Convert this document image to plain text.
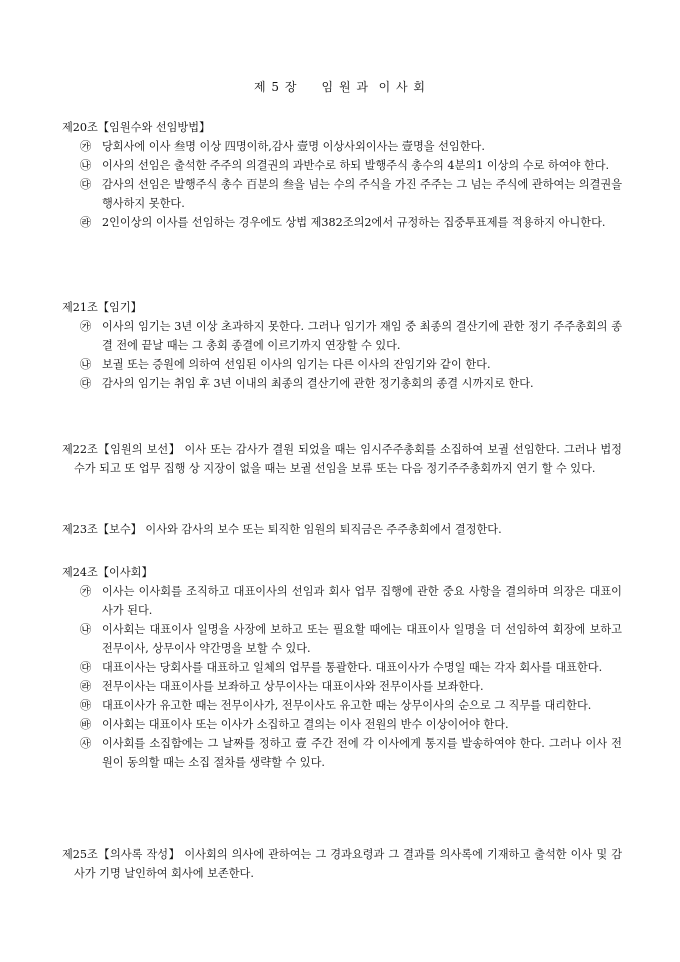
제 5 장     임 원 과  이 사 회
제20조【임원수와 선임방법】
㉮ 당회사에 이사 叁명 이상 四명이하,감사 壹명 이상사외이사는 壹명을 선임한다.
㉯ 이사의 선임은 출석한 주주의 의결권의 과반수로 하되 발행주식 총수의 4분의1 이상의 수로 하여야 한다.
㉰ 감사의 선임은 발행주식 총수 百분의 叁을 넘는 수의 주식을 가진 주주는 그 넘는 주식에 관하여는 의결권을 행사하지 못한다.
㉱ 2인이상의 이사를 선임하는 경우에도 상법 제382조의2에서 규정하는 집중투표제를 적용하지 아니한다.
제21조【임기】
㉮ 이사의 임기는 3년 이상 초과하지 못한다. 그러나 임기가 재임 중 최종의 결산기에 관한 정기 주주총회의 종결 전에 끝날 때는 그 총회 종결에 이르기까지 연장할 수 있다.
㉯ 보궐 또는 증원에 의하여 선임된 이사의 임기는 다른 이사의 잔임기와 같이 한다.
㉰ 감사의 임기는 취임 후 3년 이내의 최종의 결산기에 관한 정기총회의 종결 시까지로 한다.
제22조【임원의 보선】 이사 또는 감사가 결원 되었을 때는 임시주주총회를 소집하여 보궐 선임한다. 그러나 법정수가 되고 또 업무 집행 상 지장이 없을 때는 보궐 선임을 보류 또는 다음 정기주주총회까지 연기 할 수 있다.
제23조【보수】 이사와 감사의 보수 또는 퇴직한 임원의 퇴직금은 주주총회에서 결정한다.
제24조【이사회】
㉮ 이사는 이사회를 조직하고 대표이사의 선임과 회사 업무 집행에 관한 중요 사항을 결의하며 의장은 대표이사가 된다.
㉯ 이사회는 대표이사 일명을 사장에 보하고 또는 필요할 때에는 대표이사 일명을 더 선임하여 회장에 보하고 전무이사, 상무이사 약간명을 보할 수 있다.
㉰ 대표이사는 당회사를 대표하고 일체의 업무를 통괄한다. 대표이사가 수명일 때는 각자 회사를 대표한다.
㉱ 전무이사는 대표이사를 보좌하고 상무이사는 대표이사와 전무이사를 보좌한다.
㉲ 대표이사가 유고한 때는 전무이사가, 전무이사도 유고한 때는 상무이사의 순으로 그 직무를 대리한다.
㉳ 이사회는 대표이사 또는 이사가 소집하고 결의는 이사 전원의 반수 이상이어야 한다.
㉴ 이사회를 소집함에는 그 날짜를 정하고 壹 주간 전에 각 이사에게 통지를 발송하여야 한다. 그러나 이사 전원이 동의할 때는 소집 절차를 생략할 수 있다.
제25조【의사록 작성】 이사회의 의사에 관하여는 그 경과요령과 그 결과를 의사록에 기재하고 출석한 이사 및 감사가 기명 날인하여 회사에 보존한다.
